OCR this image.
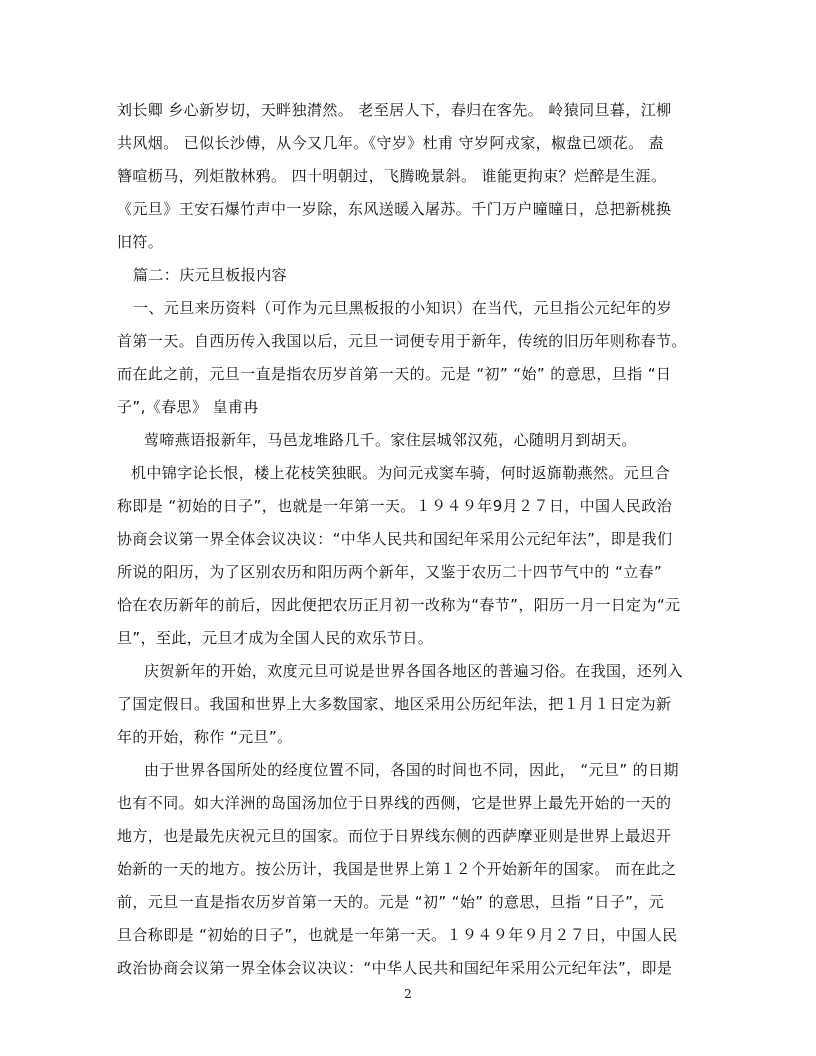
刘长卿 乡心新岁切，天畔独潸然。 老至居人下，春归在客先。 岭猿同旦暮，江柳
共风烟。 已似长沙傅，从今又几年。《守岁》杜甫 守岁阿戎家，椒盘已颂花。 盍
簪喧枥马，列炬散林鸦。 四十明朝过，飞腾晚景斜。 谁能更拘束？烂醉是生涯。
《元旦》王安石爆竹声中一岁除，东风送暖入屠苏。千门万户曈曈日，总把新桃换
旧符。
篇二：庆元旦板报内容
一、元旦来历资料（可作为元旦黑板报的小知识）在当代，元旦指公元纪年的岁
首第一天。自西历传入我国以后，元旦一词便专用于新年，传统的旧历年则称春节。
而在此之前，元旦一直是指农历岁首第一天的。元是 “初” “始” 的意思，旦指 “日
子”,《春思》 皇甫冉
莺啼燕语报新年，马邑龙堆路几千。家住层城邻汉苑，心随明月到胡天。
机中锦字论长恨，楼上花枝笑独眠。为问元戎窦车骑，何时返旆勒燕然。元旦合
称即是 “初始的日子”，也就是一年第一天。１９４９年9月２７日，中国人民政治
协商会议第一界全体会议决议：“中华人民共和国纪年采用公元纪年法”，即是我们
所说的阳历，为了区别农历和阳历两个新年，又鉴于农历二十四节气中的 “立春”
恰在农历新年的前后，因此便把农历正月初一改称为“春节”，阳历一月一日定为“元
旦”，至此，元旦才成为全国人民的欢乐节日。
庆贺新年的开始，欢度元旦可说是世界各国各地区的普遍习俗。在我国，还列入
了国定假日。我国和世界上大多数国家、地区采用公历纪年法，把１月１日定为新
年的开始，称作 “元旦”。
由于世界各国所处的经度位置不同，各国的时间也不同，因此， “元旦” 的日期
也有不同。如大洋洲的岛国汤加位于日界线的西侧，它是世界上最先开始的一天的
地方，也是最先庆祝元旦的国家。而位于日界线东侧的西萨摩亚则是世界上最迟开
始新的一天的地方。按公历计，我国是世界上第１２个开始新年的国家。 而在此之
前，元旦一直是指农历岁首第一天的。元是 “初” “始” 的意思，旦指 “日子”，元
旦合称即是 “初始的日子”，也就是一年第一天。１９４９年９月２７日，中国人民
政治协商会议第一界全体会议决议：“中华人民共和国纪年采用公元纪年法”，即是
2
